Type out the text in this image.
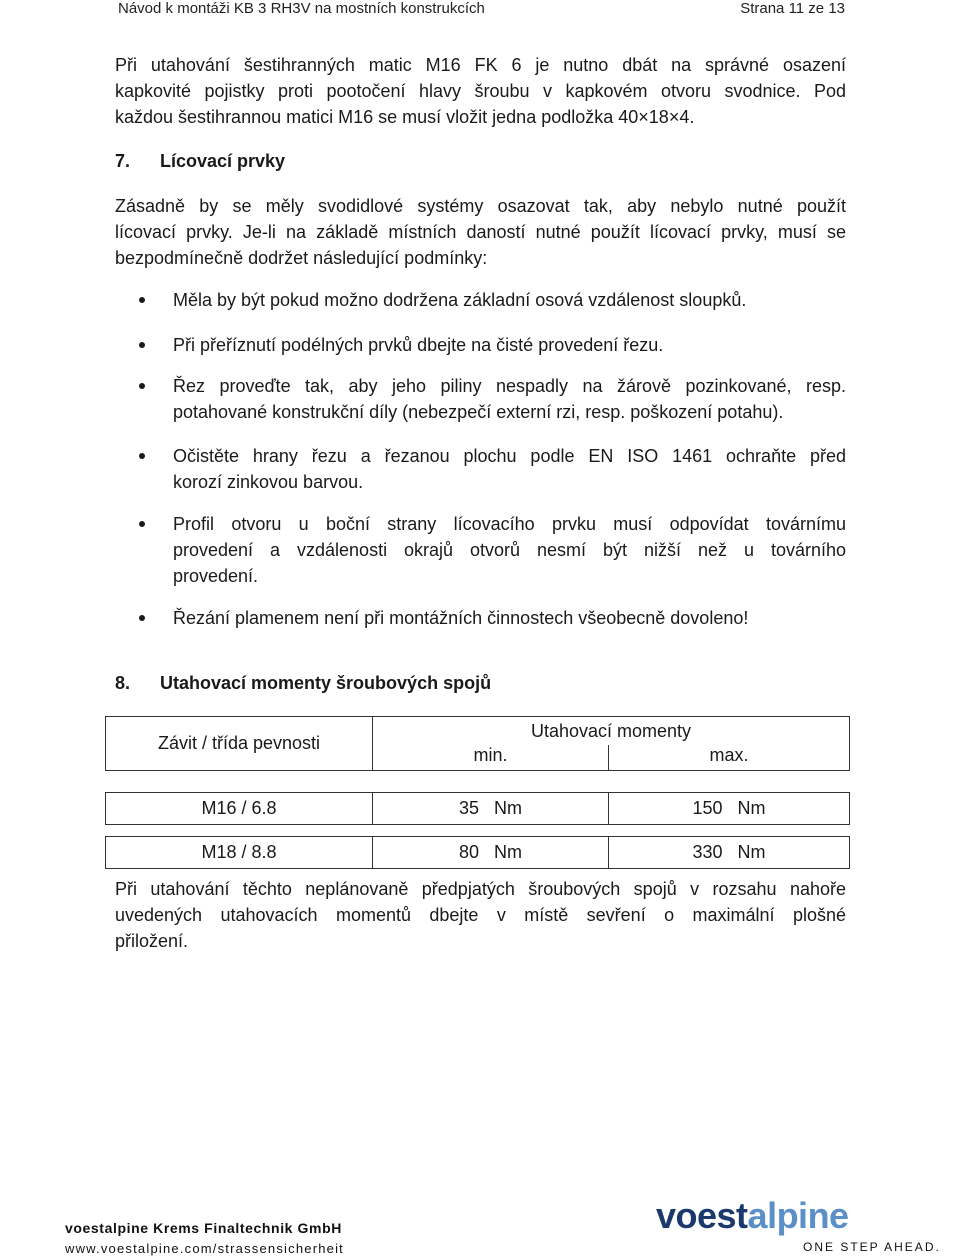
Návod k montáži KB 3 RH3V na mostních konstrukcích	Strana 11 ze 13
Při utahování šestihranných matic M16 FK 6 je nutno dbát na správné osazení
kapkovité pojistky proti pootočení hlavy šroubu v kapkovém otvoru svodnice. Pod
každou šestihrannou matici M16 se musí vložit jedna podložka 40×18×4.
7.	Lícovací prvky
Zásadně by se měly svodidlové systémy osazovat tak, aby nebylo nutné použít
lícovací prvky. Je-li na základě místních daností nutné použít lícovací prvky, musí se
bezpodmínečně dodržet následující podmínky:
Měla by být pokud možno dodržena základní osová vzdálenost sloupků.
Při přeříznutí podélných prvků dbejte na čisté provedení řezu.
Řez proveďte tak, aby jeho piliny nespadly na žárově pozinkované, resp.
potahované konstrukční díly (nebezpečí externí rzi, resp. poškození potahu).
Očistěte hrany řezu a řezanou plochu podle EN ISO 1461 ochraňte před
korozí zinkovou barvou.
Profil otvoru u boční strany lícovacího prvku musí odpovídat továrnímu
provedení a vzdálenosti okrajů otvorů nesmí být nižší než u továrního
provedení.
Řezání plamenem není při montážních činnostech všeobecně dovoleno!
8.	Utahovací momenty šroubových spojů
Závit / třída pevnosti	Utahovací momenty	
	min.	max.

M16 / 6.8	35   Nm	150   Nm

M18 / 8.8	80   Nm	330   Nm
Při utahování těchto neplánovaně předpjatých šroubových spojů v rozsahu nahoře
uvedených utahovacích momentů dbejte v místě sevření o maximální plošné
přiložení.
voestalpine Krems Finaltechnik GmbH
www.voestalpine.com/strassensicherheit
voestalpine
ONE STEP AHEAD.
